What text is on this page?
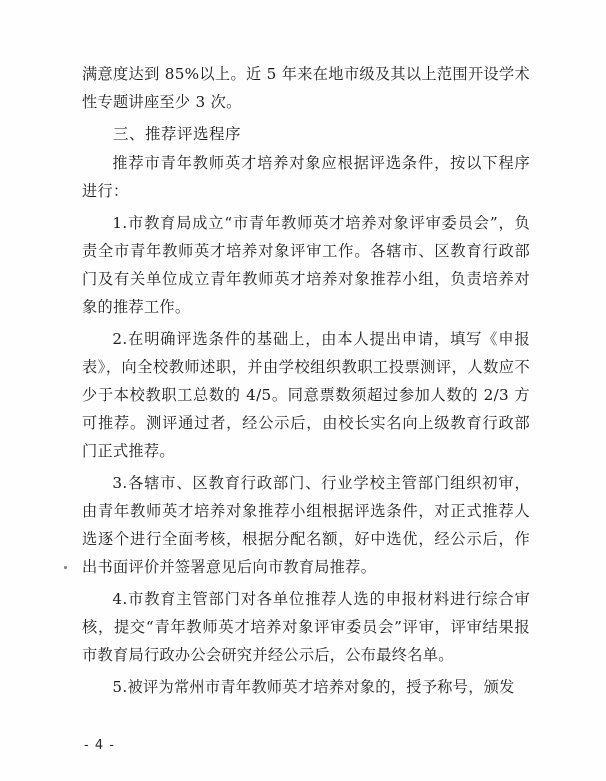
满意度达到 85%以上。近 5 年来在地市级及其以上范围开设学术性专题讲座至少 3 次。

三、推荐评选程序

推荐市青年教师英才培养对象应根据评选条件，按以下程序进行：

1.市教育局成立“市青年教师英才培养对象评审委员会”，负责全市青年教师英才培养对象评审工作。各辖市、区教育行政部门及有关单位成立青年教师英才培养对象推荐小组，负责培养对象的推荐工作。

2.在明确评选条件的基础上，由本人提出申请，填写《申报表》，向全校教师述职，并由学校组织教职工投票测评，人数应不少于本校教职工总数的 4/5。同意票数须超过参加人数的 2/3 方可推荐。测评通过者，经公示后，由校长实名向上级教育行政部门正式推荐。

3.各辖市、区教育行政部门、行业学校主管部门组织初审，由青年教师英才培养对象推荐小组根据评选条件，对正式推荐人选逐个进行全面考核，根据分配名额，好中选优，经公示后，作出书面评价并签署意见后向市教育局推荐。

4.市教育主管部门对各单位推荐人选的申报材料进行综合审核，提交“青年教师英才培养对象评审委员会”评审，评审结果报市教育局行政办公会研究并经公示后，公布最终名单。

5.被评为常州市青年教师英才培养对象的，授予称号，颁发

- 4 -
